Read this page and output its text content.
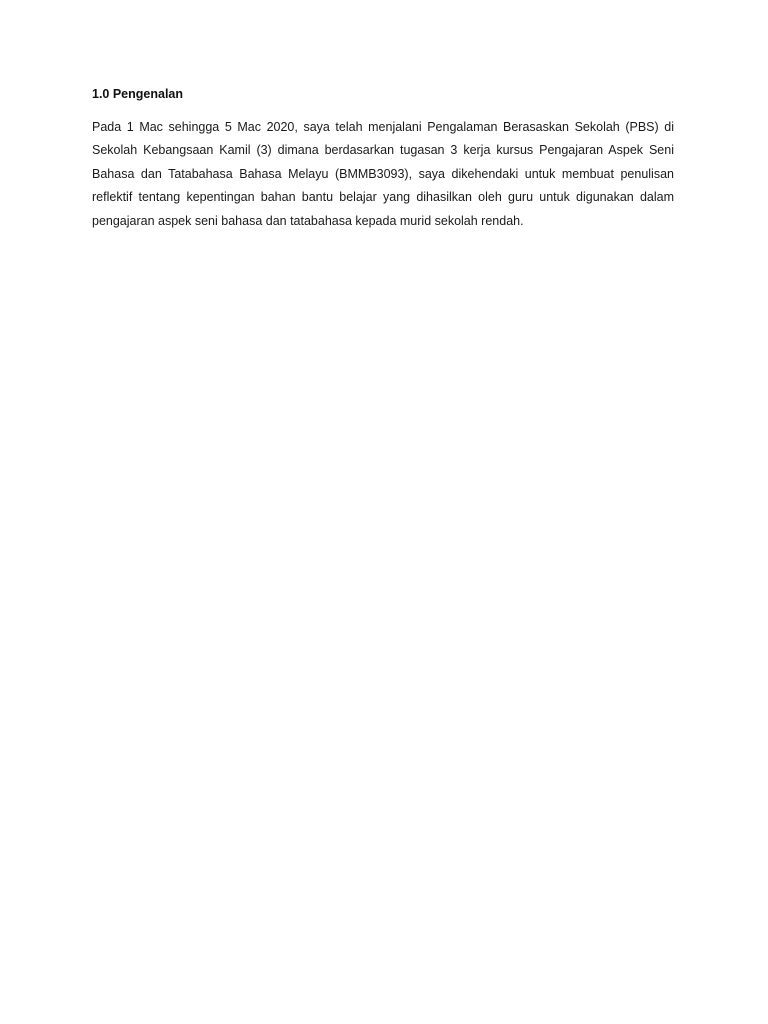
1.0 Pengenalan

Pada 1 Mac sehingga 5 Mac 2020, saya telah menjalani Pengalaman Berasaskan Sekolah (PBS) di Sekolah Kebangsaan Kamil (3) dimana berdasarkan tugasan 3 kerja kursus Pengajaran Aspek Seni Bahasa dan Tatabahasa Bahasa Melayu (BMMB3093), saya dikehendaki untuk membuat penulisan reflektif tentang kepentingan bahan bantu belajar yang dihasilkan oleh guru untuk digunakan dalam pengajaran aspek seni bahasa dan tatabahasa kepada murid sekolah rendah.
